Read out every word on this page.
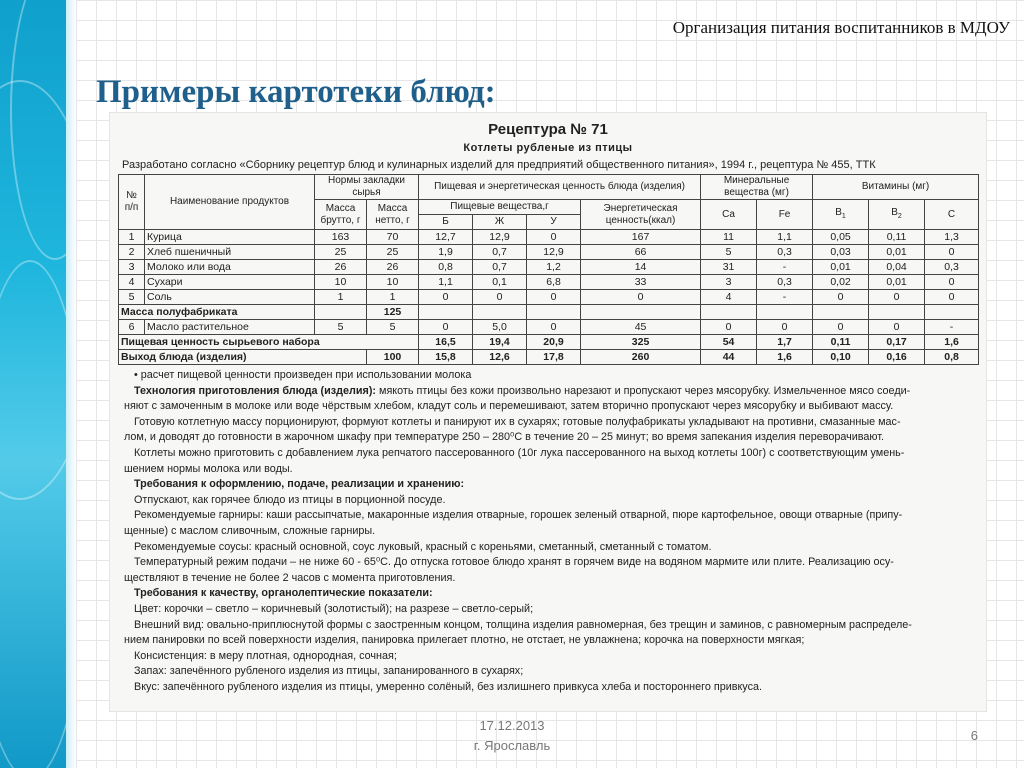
Организация питания воспитанников в МДОУ
Примеры картотеки блюд:
Рецептура № 71
Котлеты рубленые из птицы
Разработано согласно «Сборнику рецептур блюд и кулинарных изделий для предприятий общественного питания», 1994 г., рецептура № 455, ТТК
№ п/п	Наименование продуктов	Нормы закладки сырья		Пищевая и энергетическая ценность блюда (изделия)				Минеральные вещества (мг)		Витамины (мг)		
		Масса брутто, г	Масса нетто, г	Пищевые вещества,г			Энергетическая ценность(ккал)	Ca	Fe	$B_1$	$B_2$	C
				Б	Ж	У						
1	Курица	163	70	12,7	12,9	0	167	11	1,1	0,05	0,11	1,3
2	Хлеб пшеничный	25	25	1,9	0,7	12,9	66	5	0,3	0,03	0,01	0
3	Молоко или вода	26	26	0,8	0,7	1,2	14	31	-	0,01	0,04	0,3
4	Сухари	10	10	1,1	0,1	6,8	33	3	0,3	0,02	0,01	0
5	Соль	1	1	0	0	0	0	4	-	0	0	0
Масса полуфабриката			125									
6	Масло растительное	5	5	0	5,0	0	45	0	0	0	0	-
Пищевая ценность сырьевого набора				16,5	19,4	20,9	325	54	1,7	0,11	0,17	1,6
Выход блюда (изделия)			100	15,8	12,6	17,8	260	44	1,6	0,10	0,16	0,8

• расчет пищевой ценности произведен при использовании молока

Технология приготовления блюда (изделия): мякоть птицы без кожи произвольно нарезают и пропускают через мясорубку. Измельченное мясо соеди-

няют с замоченным в молоке или воде чёрствым хлебом, кладут соль и перемешивают, затем вторично пропускают через мясорубку и выбивают массу.

Готовую котлетную массу порционируют, формуют котлеты и панируют их в сухарях; готовые полуфабрикаты укладывают на противни, смазанные мас-

лом, и доводят до готовности в жарочном шкафу при температуре 250 – 280⁰С в течение 20 – 25 минут; во время запекания изделия переворачивают.

Котлеты можно приготовить с добавлением лука репчатого пассерованного (10г лука пассерованного на выход котлеты 100г) с соответствующим умень-

шением нормы молока или воды.

Требования к оформлению, подаче, реализации и хранению:

Отпускают, как горячее блюдо из птицы в порционной посуде.

Рекомендуемые гарниры: каши рассыпчатые, макаронные изделия отварные, горошек зеленый отварной, пюре картофельное, овощи отварные (припу-

щенные) с маслом сливочным, сложные гарниры.

Рекомендуемые соусы: красный основной, соус луковый, красный с кореньями, сметанный, сметанный с томатом.

Температурный режим подачи – не ниже 60 - 65⁰С. До отпуска готовое блюдо хранят в горячем виде на водяном мармите или плите. Реализацию осу-

ществляют в течение не более 2 часов с момента приготовления.

Требования к качеству, органолептические показатели:

Цвет: корочки – светло – коричневый (золотистый); на разрезе – светло-серый;

Внешний вид: овально-приплюснутой формы с заостренным концом, толщина изделия равномерная, без трещин и заминов, с равномерным распределе-

нием панировки по всей поверхности изделия, панировка прилегает плотно, не отстает, не увлажнена; корочка на поверхности мягкая;

Консистенция: в меру плотная, однородная, сочная;

Запах: запечённого рубленого изделия из птицы, запанированного в сухарях;

Вкус: запечённого рубленого изделия из птицы, умеренно солёный, без излишнего привкуса хлеба и постороннего привкуса.

17.12.2013
г. Ярославль
6
